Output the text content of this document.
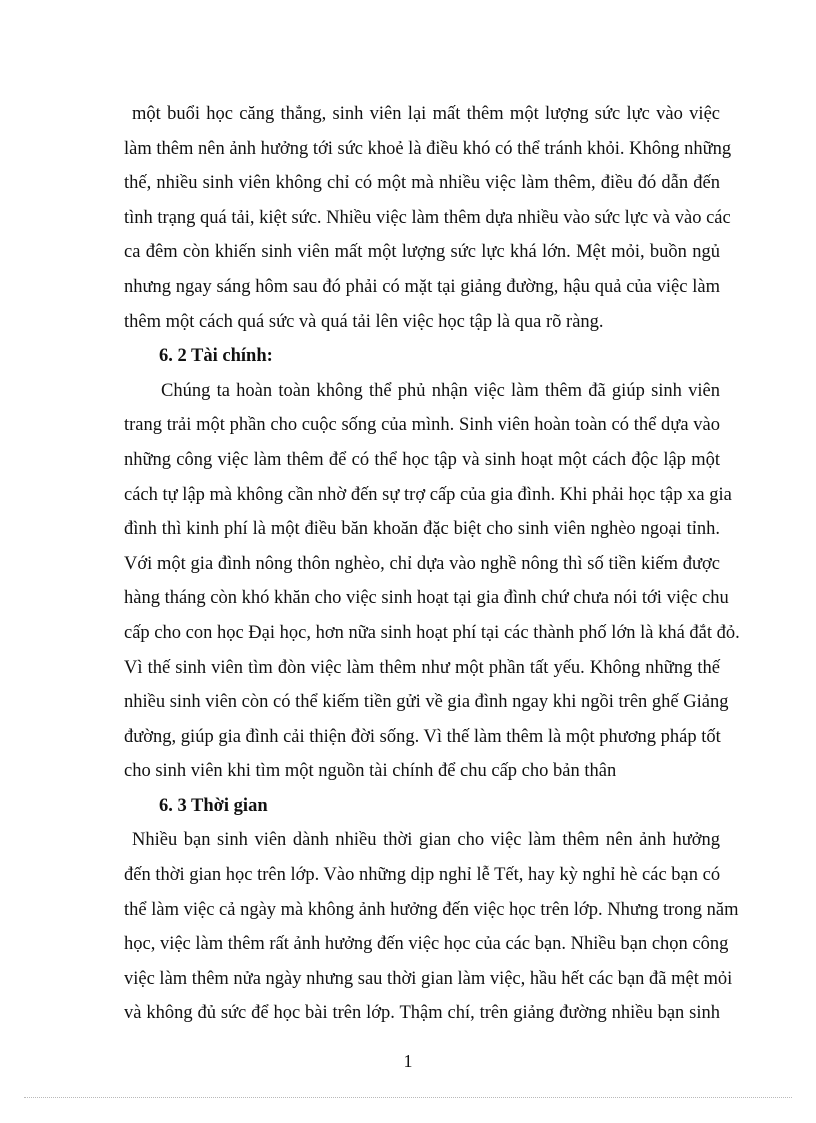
một buổi học căng thẳng, sinh viên lại mất thêm một lượng sức lực vào việc
làm thêm nên ảnh hưởng tới sức khoẻ là điều khó có thể tránh khỏi. Không những
thế, nhiều sinh viên không chỉ có một mà nhiều việc làm thêm, điều đó dẫn đến
tình trạng quá tải, kiệt sức. Nhiều việc làm thêm dựa nhiều vào sức lực và vào các
ca đêm còn khiến sinh viên mất một lượng sức lực khá lớn. Mệt mỏi, buồn ngủ
nhưng ngay sáng hôm sau đó phải có mặt tại giảng đường, hậu quả của việc làm
thêm một cách quá sức và quá tải lên việc học tập là qua rõ ràng.
6. 2 Tài chính:
Chúng ta hoàn toàn không thể phủ nhận việc làm thêm đã giúp sinh viên
trang trải một phần cho cuộc sống của mình. Sinh viên hoàn toàn có thể dựa vào
những công việc làm thêm để có thể học tập và sinh hoạt một cách độc lập một
cách tự lập mà không cần nhờ đến sự trợ cấp của gia đình. Khi phải học tập xa gia
đình thì kinh phí là một điều băn khoăn đặc biệt cho sinh viên nghèo ngoại tỉnh.
Với một gia đình nông thôn nghèo, chỉ dựa vào nghề nông thì số tiền kiếm được
hàng tháng còn khó khăn cho việc sinh hoạt tại gia đình chứ chưa nói tới việc chu
cấp cho con học Đại học, hơn nữa sinh hoạt phí tại các thành phố lớn là khá đắt đỏ.
Vì thế sinh viên tìm đòn việc làm thêm như một phần tất yếu. Không những thế
nhiều sinh viên còn có thể kiếm tiền gửi về gia đình ngay khi ngồi trên ghế Giảng
đường, giúp gia đình cải thiện đời sống. Vì thế làm thêm là một phương pháp tốt
cho sinh viên khi tìm một nguồn tài chính để chu cấp cho bản thân
6. 3 Thời gian
Nhiều bạn sinh viên dành nhiều thời gian cho việc làm thêm nên ảnh hưởng
đến thời gian học trên lớp. Vào những dịp nghỉ lễ Tết, hay kỳ nghỉ hè các bạn có
thể làm việc cả ngày mà không ảnh hưởng đến việc học trên lớp. Nhưng trong năm
học, việc làm thêm rất ảnh hưởng đến việc học của các bạn. Nhiều bạn chọn công
việc làm thêm nửa ngày nhưng sau thời gian làm việc, hầu hết các bạn đã mệt mỏi
và không đủ sức để học bài trên lớp. Thậm chí, trên giảng đường nhiều bạn sinh
1
